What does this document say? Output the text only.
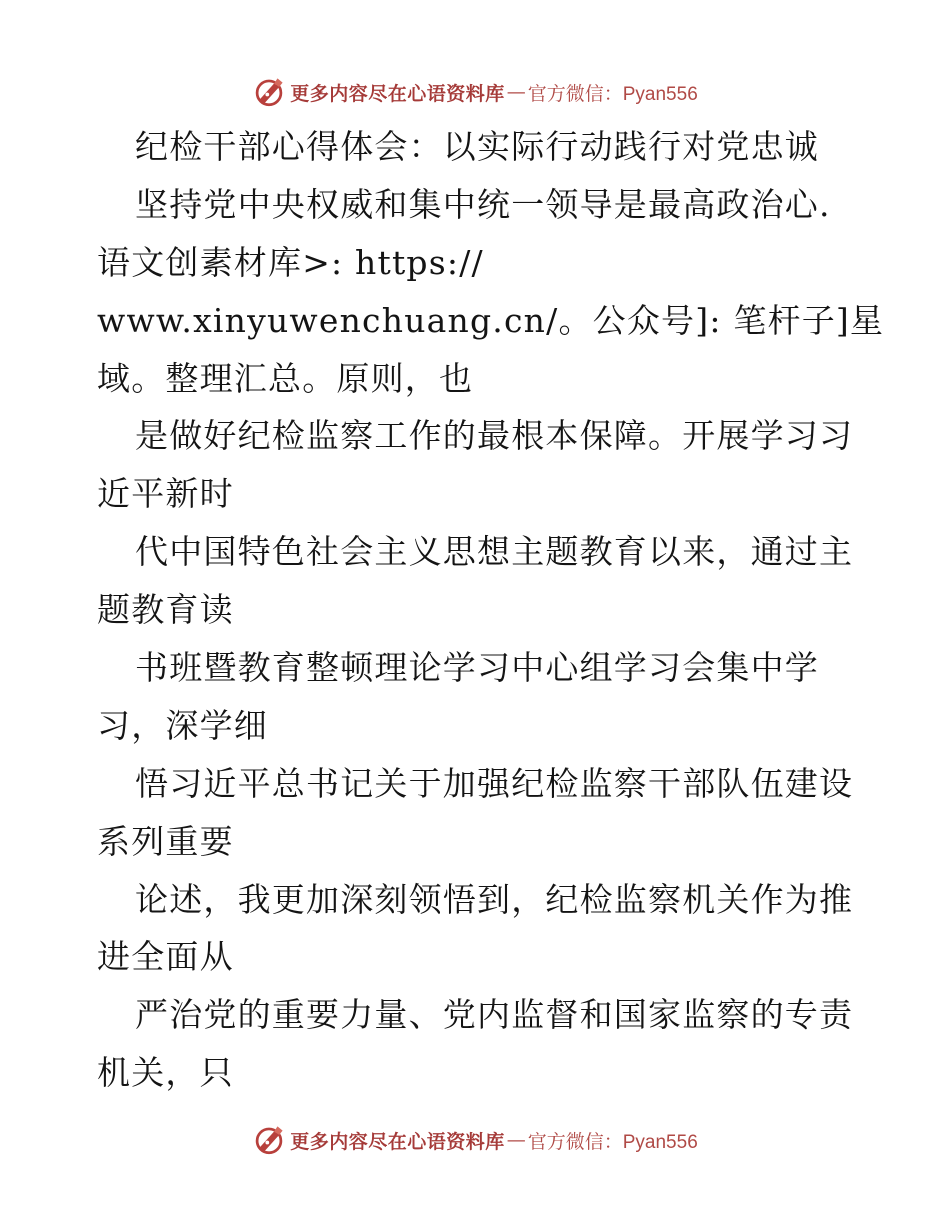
更多内容尽在心语资料库 — 官方微信：Pyan556
纪检干部心得体会：以实际行动践行对党忠诚
坚持党中央权威和集中统一领导是最高政治心.
语文创素材库>: https://
www.xinyuwenchuang.cn/。公众号]: 笔杆子]星
域。整理汇总。原则，也
是做好纪检监察工作的最根本保障。开展学习习
近平新时
代中国特色社会主义思想主题教育以来，通过主
题教育读
书班暨教育整顿理论学习中心组学习会集中学
习，深学细
悟习近平总书记关于加强纪检监察干部队伍建设
系列重要
论述，我更加深刻领悟到，纪检监察机关作为推
进全面从
严治党的重要力量、党内监督和国家监察的专责
机关，只
更多内容尽在心语资料库 — 官方微信：Pyan556
